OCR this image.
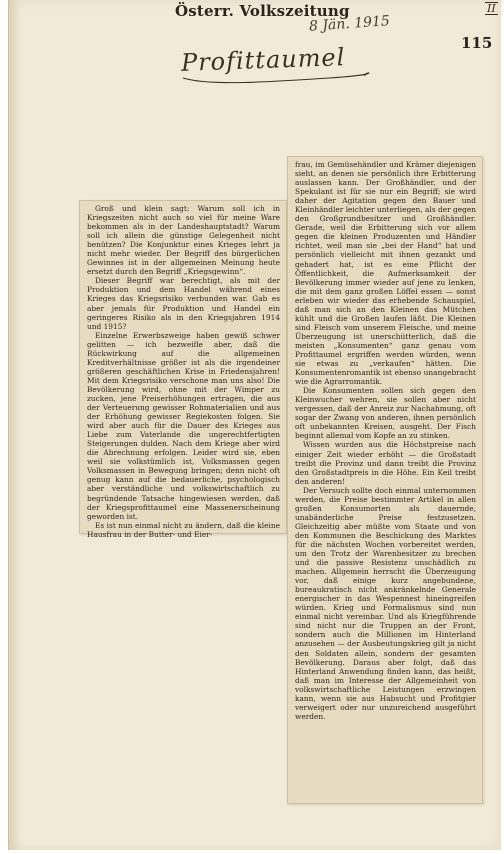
Österr. Volkszeitung
8 Jän. 1915
II
115
Profittaumel

Groß und klein sagt: Warum soll ich in Kriegszeiten nicht auch so viel für meine Ware bekommen als in der Landeshauptstadt? Warum soll ich allein die günstige Gelegenheit nicht benützen? Die Konjunktur eines Krieges lehrt ja nicht mehr wieder. Der Begriff des bürgerlichen Gewinnes ist in der allgemeinen Meinung heute ersetzt durch den Begriff „Kriegsgewinn“.

Dieser Begriff war berechtigt, als mit der Produktion und dem Handel während eines Krieges das Kriegsrisiko verbunden war. Gab es aber jemals für Produktion und Handel ein geringeres Risiko als in den Kriegsjahren 1914 und 1915?

Einzelne Erwerbszweige haben gewiß schwer gelitten — ich bezweifle aber, daß die Rückwirkung auf die allgemeinen Kreditverhältnisse größer ist als die irgendeiner größeren geschäftlichen Krise in Friedensjahren! Mit dem Kriegsrisiko verschone man uns also! Die Bevölkerung wird, ohne mit der Wimper zu zucken, jene Preiserhöhungen ertragen, die aus der Verteuerung gewisser Rohmaterialien und aus der Erhöhung gewisser Regiekosten folgen. Sie wird aber auch für die Dauer des Krieges aus Liebe zum Vaterlande die ungerechtfertigten Steigerungen dulden. Nach dem Kriege aber wird die Abrechnung erfolgen. Leider wird sie, eben weil sie volkstümlich ist, Volksmassen gegen Volksmassen in Bewegung bringen; denn nicht oft genug kann auf die bedauerliche, psychologisch aber verständliche und volkswirtschaftlich zu begründende Tatsache hingewiesen werden, daß der Kriegsprofittaumel eine Massenerscheinung geworden ist.

Es ist nun einmal nicht zu ändern, daß die kleine Hausfrau in der Butter- und Eier-

frau, im Gemüsehändler und Krämer diejenigen sieht, an denen sie persönlich ihre Erbitterung auslassen kann. Der Großhändler, und der Spekulant ist für sie nur ein Begriff; sie wird daher der Agitation gegen den Bauer und Kleinhändler leichter unterliegen, als der gegen den Großgrundbesitzer und Großhändler. Gerade, weil die Erbitterung sich vor allem gegen die kleinen Produzenten und Händler richtet, weil man sie „bei der Hand“ hat und persönlich vielleicht mit ihnen gezankt und gehadert hat, ist es eine Pflicht der Öffentlichkeit, die Aufmerksamkeit der Bevölkerung immer wieder auf jene zu lenken, die mit dem ganz großen Löffel essen — sonst erleben wir wieder das erhebende Schauspiel, daß man sich an den Kleinen das Mütchen kühlt und die Großen laufen läßt. Die Kleinen sind Fleisch vom unserem Fleische, und meine Überzeugung ist unerschütterlich, daß die meisten „Konsumenten“ ganz genau vom Profittaumel ergriffen werden würden, wenn sie etwas zu „verkaufen“ hätten. Die Konsumentenromantik ist ebenso unangebracht wie die Agrarromantik.

Die Konsumenten sollen sich gegen den Kleinwucher wehren, sie sollen aber nicht vergessen, daß der Anreiz zur Nachahmung, oft sogar der Zwang von anderen, ihnen persönlich oft unbekannten Kreisen, ausgeht. Der Fisch beginnt allemal vom Kopfe an zu stinken.

Wissen wurden aus die Höchstpreise nach einiger Zeit wieder erhöht — die Großstadt treibt die Provinz und dann treibt die Provinz den Großstadtpreis in die Höhe. Ein Keil treibt den anderen!

Der Versuch sollte doch einmal unternommen werden, die Preise bestimmter Artikel in allen großen Konsumorten als dauernde, unabänderliche Preise festzusetzen. Gleichzeitig aber müßte vom Staate und von den Kommunen die Beschickung des Marktes für die nächsten Wochen vorbereitet werden, um den Trotz der Warenbesitzer zu brechen und die passive Resistenz unschädlich zu machen. Allgemein herrscht die Überzeugung vor, daß einige kurz angebundene, bureaukratisch nicht ankränkelnde Generale energischer in das Wespennest hineingreifen würden. Krieg und Formalismus sind nun einmal nicht vereinbar. Und als Kriegführende sind nicht nur die Truppen an der Front, sondern auch die Millionen im Hinterland anzusehen — der Ausbeutungskrieg gilt ja nicht den Soldaten allein, sondern der gesamten Bevölkerung. Daraus aber folgt, daß das Hinterland Anwendung finden kann, das heißt, daß man im Interesse der Allgemeinheit von volkswirtschaftliche Leistungen erzwingen kann, wenn sie aus Habsucht und Profitgier verweigert oder nur unzureichend ausgeführt werden.
